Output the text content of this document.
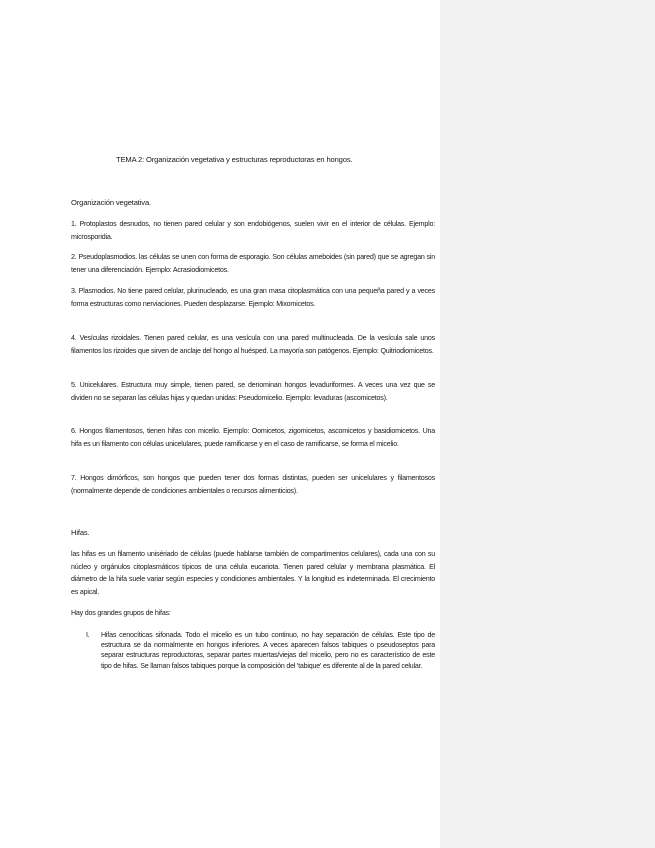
TEMA 2: Organización vegetativa y estructuras reproductoras en hongos.
Organización vegetativa.
1. Protoplastos desnudos, no tienen pared celular y son endobiógenos, suelen vivir en el interior de células. Ejemplo: microsporidia.
2. Pseudoplasmodios. las células se unen con forma de esporagio. Son células ameboides (sin pared) que se agregan sin tener una diferenciación. Ejemplo: Acrasiodiomicetos.
3. Plasmodios. No tiene pared celular, plurinucleado, es una gran masa citoplasmática con una pequeña pared y a veces forma estructuras como nerviaciones. Pueden desplazarse. Ejemplo: Mixomicetos.
4. Vesículas rizoidales. Tienen pared celular, es una vesícula con una pared multinucleada. De la vesícula sale unos filamentos los rizoides que sirven de anclaje del hongo al huésped. La mayoría son patógenos. Ejemplo: Quitriodiomicetos.
5. Unicelulares. Estructura muy simple, tienen pared, se denominan hongos levaduriformes. A veces una vez que se dividen no se separan las células hijas y quedan unidas: Pseudomicelio. Ejemplo: levaduras (ascomicetos).
6. Hongos filamentosos, tienen hifas con micelio. Ejemplo: Oomicetos, zigomicetos, ascomicetos y basidiomicetos. Una hifa es un filamento con células unicelulares, puede ramificarse y en el caso de ramificarse, se forma el micelio.
7. Hongos dimórficos, son hongos que pueden tener dos formas distintas, pueden ser unicelulares y filamentosos (normalmente depende de condiciones ambientales o recursos alimenticios).
Hifas.
las hifas es un filamento unisériado de células (puede hablarse también de compartimentos celulares), cada una con su núcleo y orgánulos citoplasmáticos típicos de una célula eucariota. Tienen pared celular y membrana plasmática. El diámetro de la hifa suele variar según especies y condiciones ambientales. Y la longitud es indeterminada. El crecimiento es apical.
Hay dos grandes grupos de hifas:
I.	Hifas cenocíticas sifonada. Todo el micelio es un tubo continuo, no hay separación de células. Este tipo de estructura se da normalmente en hongos inferiores. A veces aparecen falsos tabiques o pseudoseptos para separar estructuras reproductoras, separar partes muertas/viejas del micelio, pero no es característico de este tipo de hifas. Se llaman falsos tabiques porque la composición del 'tabique' es diferente al de la pared celular.
